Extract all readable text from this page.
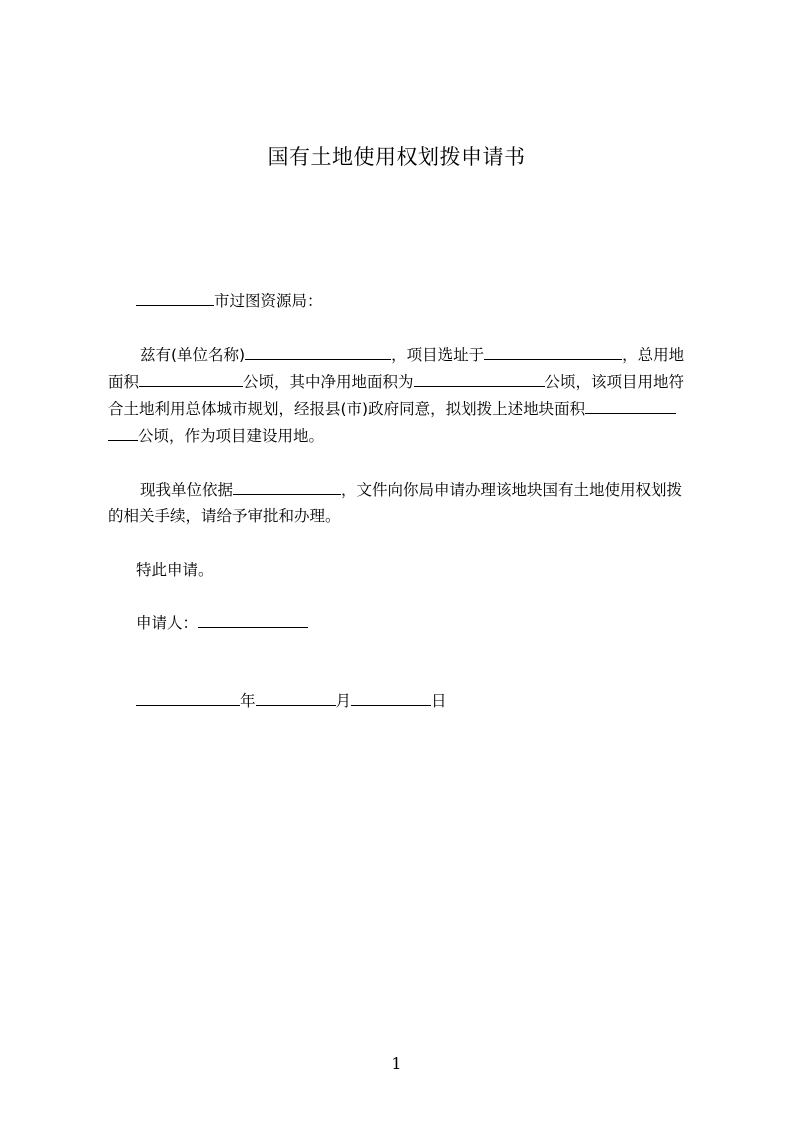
国有土地使用权划拨申请书
市过图资源局：
兹有(单位名称)	，项目选址于	，总用地
面积	公顷，其中净用地面积为	公顷，该项目用地符
合土地利用总体城市规划，经报县(市)政府同意，拟划拨上述地块面积
公顷，作为项目建设用地。
现我单位依据	，文件向你局申请办理该地块国有土地使用权划拨
的相关手续，请给予审批和办理。
特此申请。
申请人：
年	月	日
1
